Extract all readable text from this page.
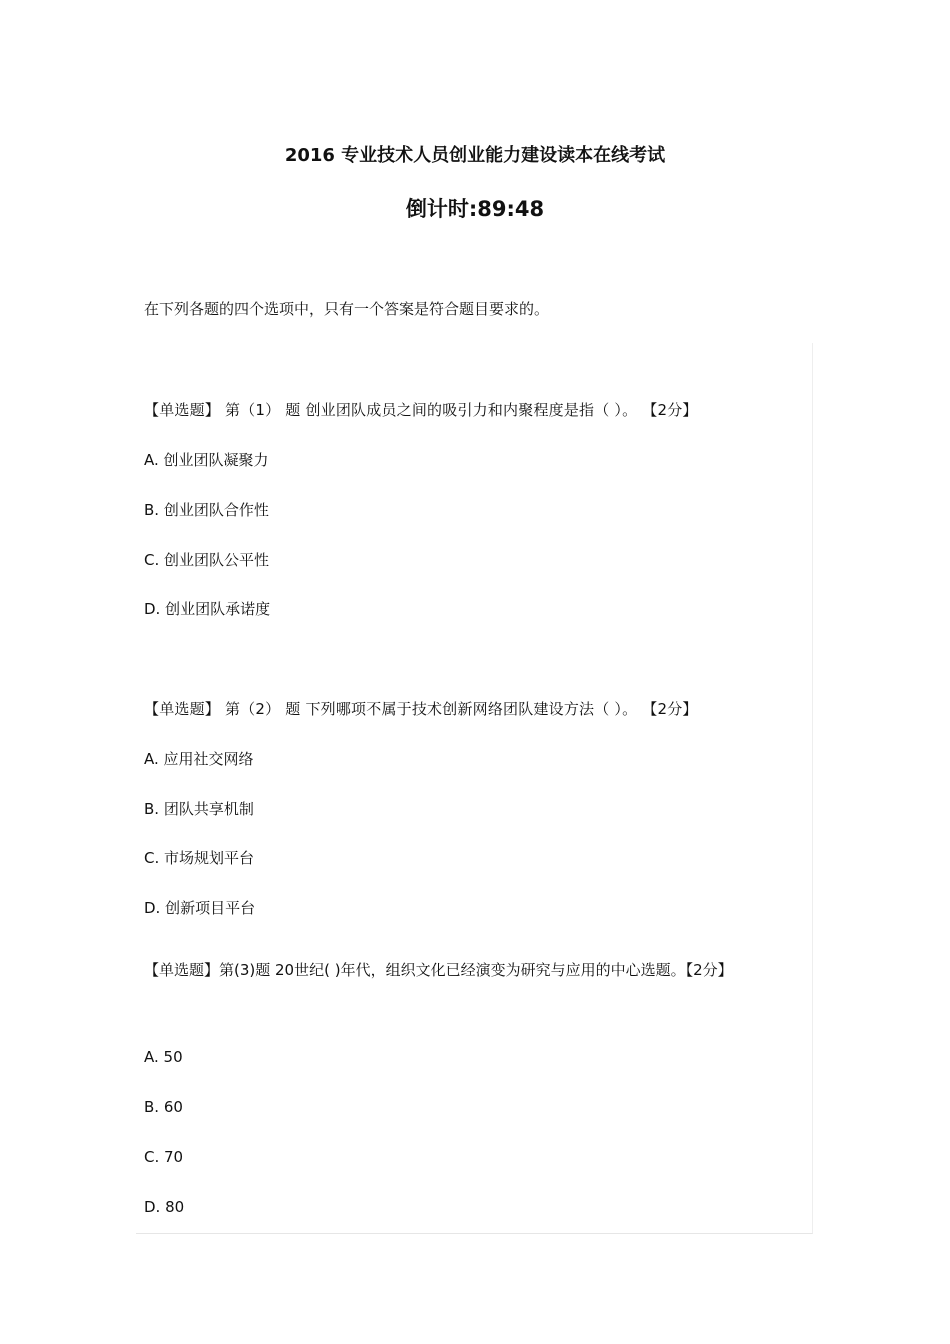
2016 专业技术人员创业能力建设读本在线考试
倒计时:89:48
在下列各题的四个选项中，只有一个答案是符合题目要求的。
【单选题】 第（1） 题 创业团队成员之间的吸引力和内聚程度是指（ ）。 【2分】
A. 创业团队凝聚力
B. 创业团队合作性
C. 创业团队公平性
D. 创业团队承诺度
【单选题】 第（2） 题 下列哪项不属于技术创新网络团队建设方法（ ）。 【2分】
A. 应用社交网络
B. 团队共享机制
C. 市场规划平台
D. 创新项目平台
【单选题】第(3)题 20世纪( )年代，组织文化已经演变为研究与应用的中心选题。【2分】
A. 50
B. 60
C. 70
D. 80
